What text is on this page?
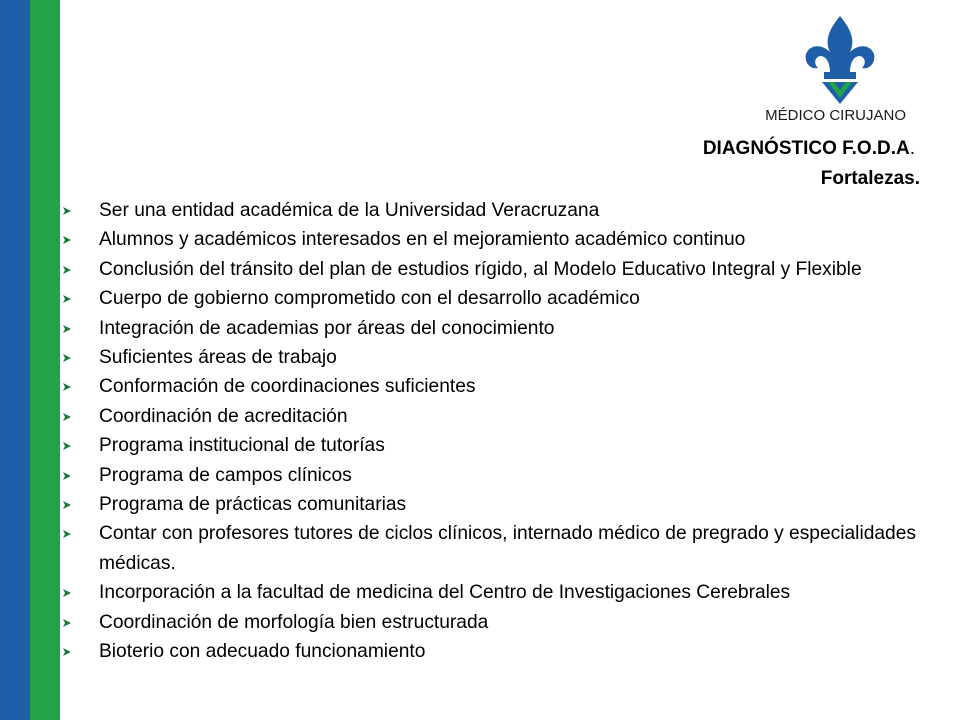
MÉDICO CIRUJANO
DIAGNÓSTICO F.O.D.A.
Fortalezas.
Ser una entidad académica de la Universidad Veracruzana
Alumnos y académicos interesados en el mejoramiento académico continuo
Conclusión del tránsito del plan de estudios rígido, al Modelo Educativo Integral y Flexible
Cuerpo de gobierno comprometido con el desarrollo académico
Integración de academias por áreas del conocimiento
Suficientes áreas de trabajo
Conformación de coordinaciones suficientes
Coordinación de acreditación
Programa institucional de tutorías
Programa de campos clínicos
Programa de prácticas comunitarias
Contar con profesores tutores de ciclos clínicos, internado médico de pregrado y especialidades médicas.
Incorporación a la facultad de medicina del Centro de Investigaciones Cerebrales
Coordinación de morfología bien estructurada
Bioterio con adecuado funcionamiento
